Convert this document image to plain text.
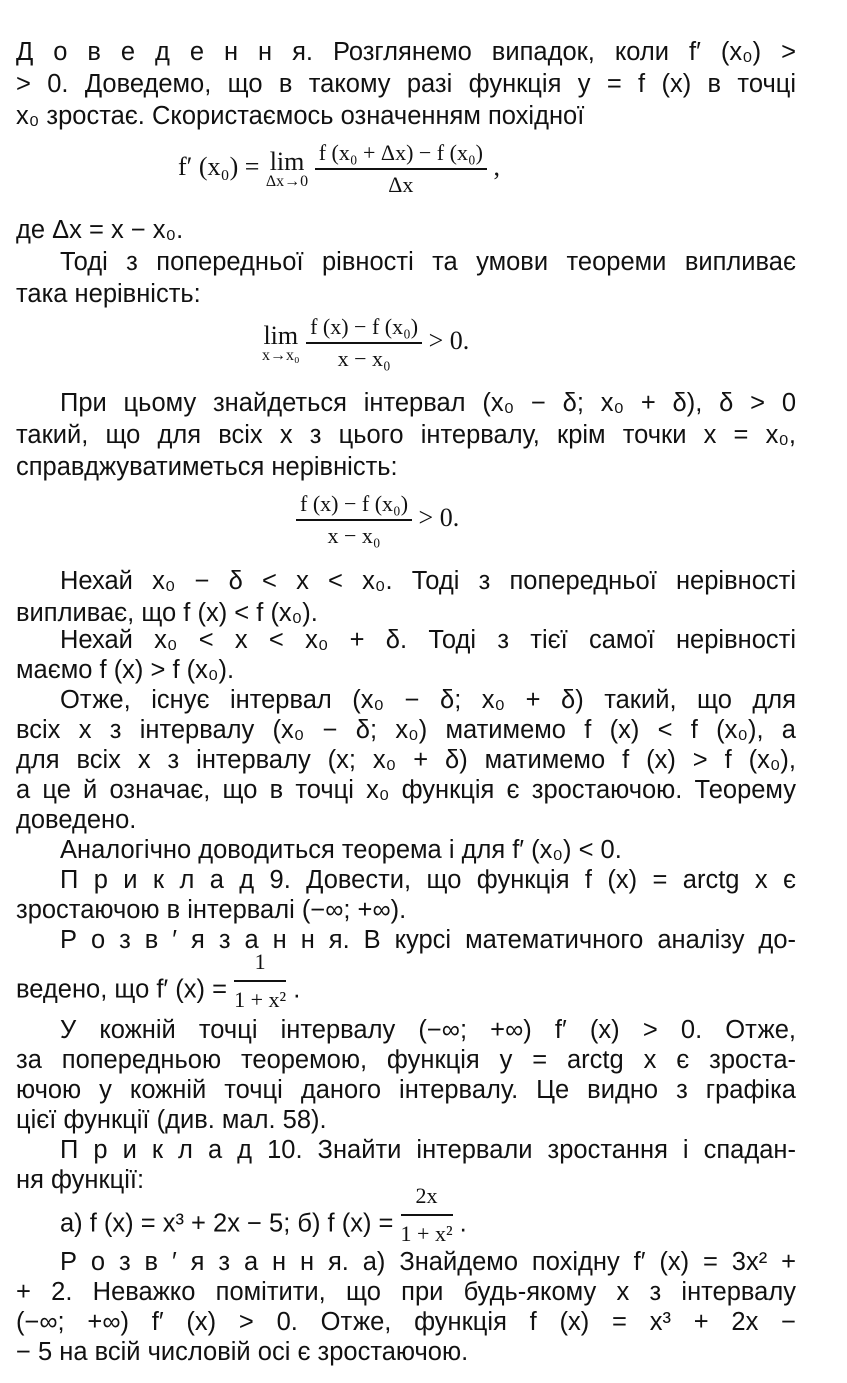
Д о в е д е н н я. Розглянемо випадок, коли f′ (x₀) >
> 0. Доведемо, що в такому разі функція y = f (x) в точці
x₀ зростає. Скористаємось означенням похідної
f′ (x₀) = lim
Δx→0
$\frac{\text{f (x₀ + Δx) − f (x₀)}}{\Delta x}$ ,
де Δx = x − x₀.
Тоді з попередньої рівності та умови теореми випливає
така нерівність:
lim
x→x₀
$\frac{\text{f (x) − f (x₀)}}{\text{x − x₀}} > 0$.
При цьому знайдеться інтервал (x₀ − δ; x₀ + δ), δ > 0
такий, що для всіх x з цього інтервалу, крім точки x = x₀,
справджуватиметься нерівність:
$\frac{\text{f (x) − f (x₀)}}{\text{x − x₀}} > 0$.
Нехай x₀ − δ < x < x₀. Тоді з попередньої нерівності
випливає, що f (x) < f (x₀).
Нехай x₀ < x < x₀ + δ. Тоді з тієї самої нерівності
маємо f (x) > f (x₀).
Отже, існує інтервал (x₀ − δ; x₀ + δ) такий, що для
всіх x з інтервалу (x₀ − δ; x₀) матимемо f (x) < f (x₀), а
для всіх x з інтервалу (x; x₀ + δ) матимемо f (x) > f (x₀),
а це й означає, що в точці x₀ функція є зростаючою. Теорему
доведено.
Аналогічно доводиться теорема і для f′ (x₀) < 0.
П р и к л а д 9. Довести, що функція f (x) = arctg x є
зростаючою в інтервалі (−∞; +∞).
Р о з в ′ я з а н н я. В курсі математичного аналізу до-
ведено, що f′ $(x) = \frac{1}{\text{1 + x²}}$ .
У кожній точці інтервалу (−∞; +∞) f′ (x) > 0. Отже,
за попередньою теоремою, функція y = arctg x є зроста-
ючою у кожній точці даного інтервалу. Це видно з графіка
цієї функції (див. мал. 58).
П р и к л а д 10. Знайти інтервали зростання і спадан-
ня функції:
а) f (x) = x³ + 2x − 5; б) f $(x) = \frac{2x}{\text{1 + x²}}$ .
Р о з в ′ я з а н н я. а) Знайдемо похідну f′ (x) = 3x² +
+ 2. Неважко помітити, що при будь-якому x з інтервалу
(−∞; +∞) f′ (x) > 0. Отже, функція f (x) = x³ + 2x −
− 5 на всій числовій осі є зростаючою.
